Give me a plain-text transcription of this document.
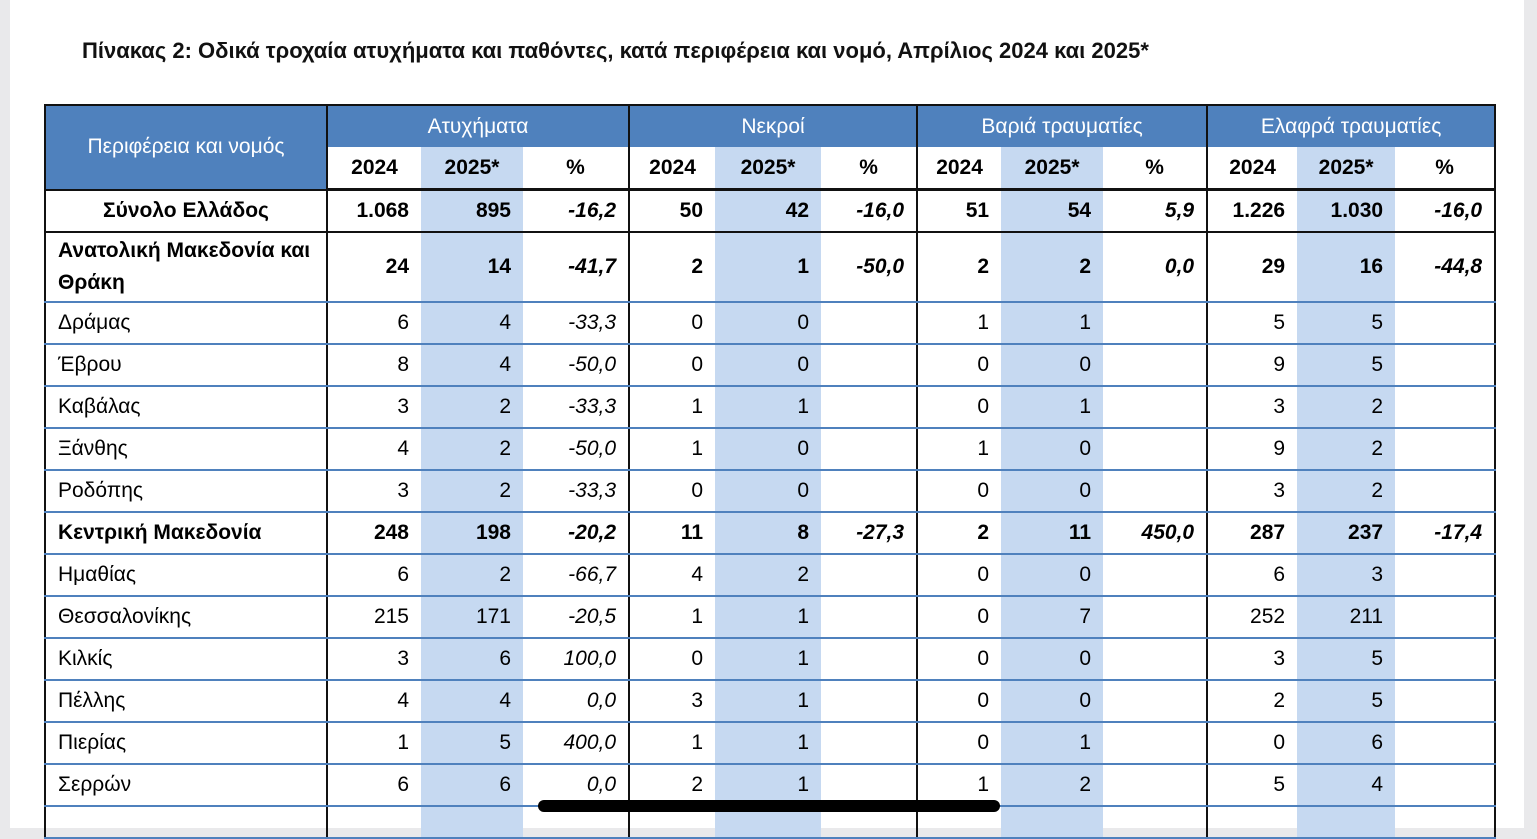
Πίνακας 2: Οδικά τροχαία ατυχήματα και παθόντες, κατά περιφέρεια και νομό, Απρίλιος 2024 και 2025*
Περιφέρεια και νομός	Ατυχήματα			Νεκροί			Βαριά τραυματίες			Ελαφρά τραυματίες		
	2024	2025*	%	2024	2025*	%	2024	2025*	%	2024	2025*	%
Σύνολο Ελλάδος	1.068	895	-16,2	50	42	-16,0	51	54	5,9	1.226	1.030	-16,0
Ανατολική Μακεδονία και Θράκη	24	14	-41,7	2	1	-50,0	2	2	0,0	29	16	-44,8
Δράμας	6	4	-33,3	0	0		1	1		5	5	
Έβρου	8	4	-50,0	0	0		0	0		9	5	
Καβάλας	3	2	-33,3	1	1		0	1		3	2	
Ξάνθης	4	2	-50,0	1	0		1	0		9	2	
Ροδόπης	3	2	-33,3	0	0		0	0		3	2	
Κεντρική Μακεδονία	248	198	-20,2	11	8	-27,3	2	11	450,0	287	237	-17,4
Ημαθίας	6	2	-66,7	4	2		0	0		6	3	
Θεσσαλονίκης	215	171	-20,5	1	1		0	7		252	211	
Κιλκίς	3	6	100,0	0	1		0	0		3	5	
Πέλλης	4	4	0,0	3	1		0	0		2	5	
Πιερίας	1	5	400,0	1	1		0	1		0	6	
Σερρών	6	6	0,0	2	1		1	2		5	4	
